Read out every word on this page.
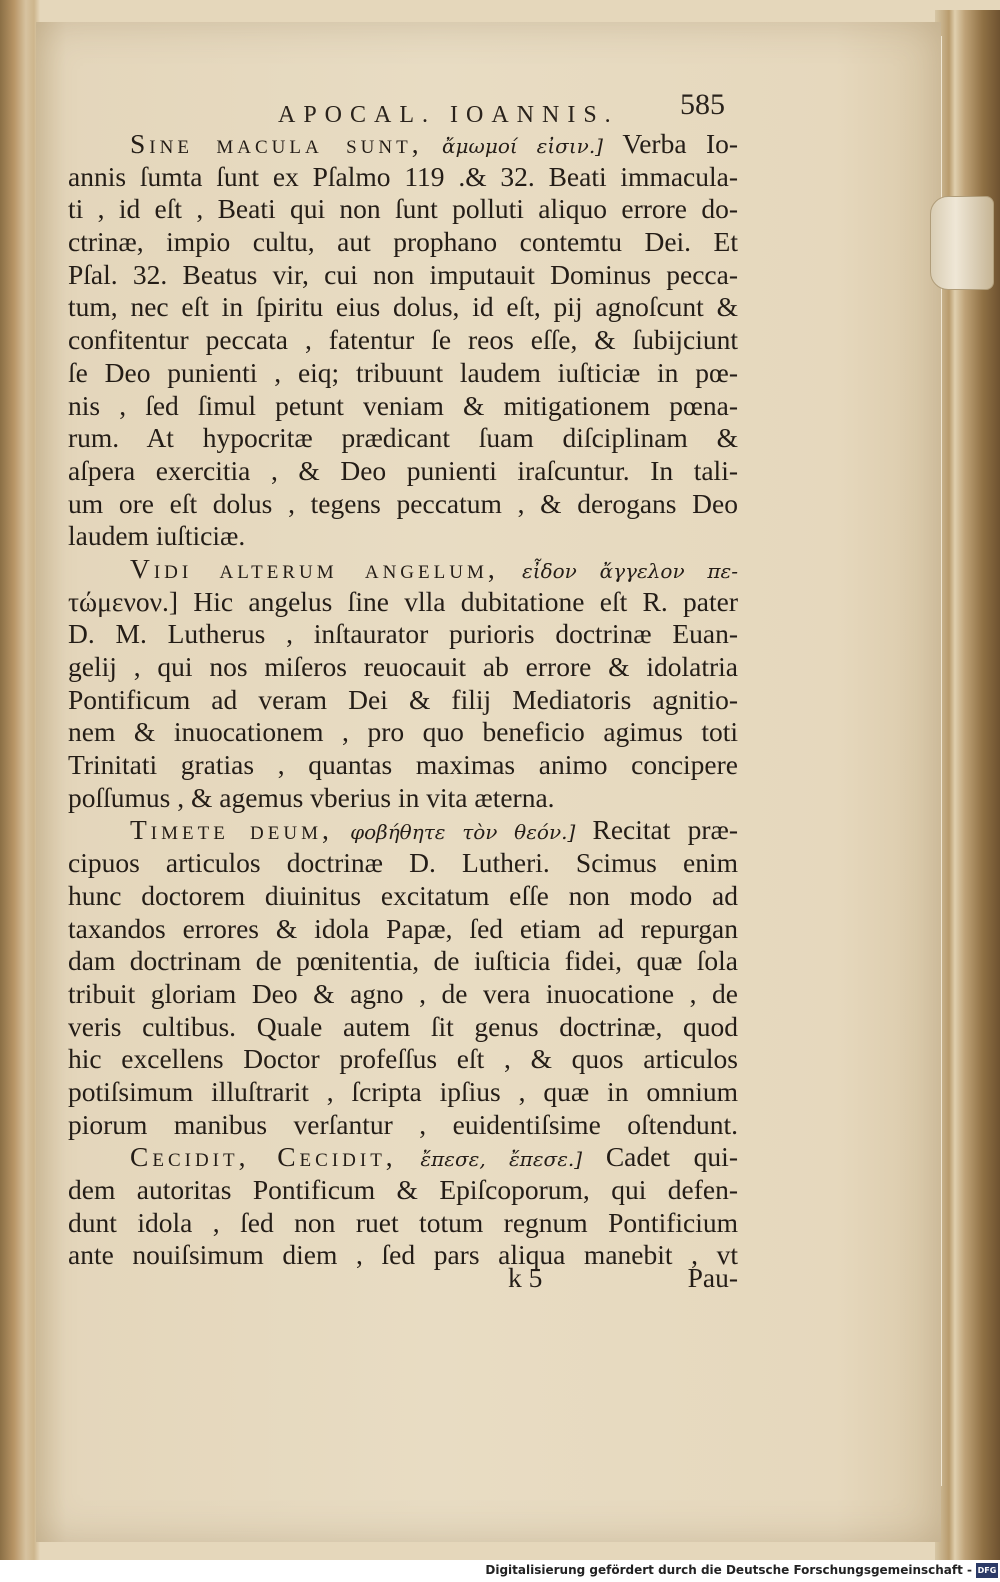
APOCAL. IOANNIS. 585
Sine macula sunt, ἄμωμοί εἰσιν.] Verba Io-
annis ſumta ſunt ex Pſalmo 119 .& 32. Beati immacula-
ti , id eſt , Beati qui non ſunt polluti aliquo errore do-
ctrinæ, impio cultu, aut prophano contemtu Dei. Et
Pſal. 32. Beatus vir, cui non imputauit Dominus pecca-
tum, nec eſt in ſpiritu eius dolus, id eſt, pij agnoſcunt &
confitentur peccata , fatentur ſe reos eſſe, & ſubijciunt
ſe Deo punienti , eiq; tribuunt laudem iuſticiæ in pœ-
nis , ſed ſimul petunt veniam & mitigationem pœna-
rum. At hypocritæ prædicant ſuam diſciplinam &
aſpera exercitia , & Deo punienti iraſcuntur. In tali-
um ore eſt dolus , tegens peccatum , & derogans Deo
laudem iuſticiæ.
Vidi alterum angelum, εἶδον ἄγγελον πε-
τώμενον.] Hic angelus ſine vlla dubitatione eſt R. pater
D. M. Lutherus , inſtaurator purioris doctrinæ Euan-
gelij , qui nos miſeros reuocauit ab errore & idolatria
Pontificum ad veram Dei & filij Mediatoris agnitio-
nem & inuocationem , pro quo beneficio agimus toti
Trinitati gratias , quantas maximas animo concipere
poſſumus , & agemus vberius in vita æterna.
Timete deum, φοβήθητε τὸν θεόν.] Recitat præ-
cipuos articulos doctrinæ D. Lutheri. Scimus enim
hunc doctorem diuinitus excitatum eſſe non modo ad
taxandos errores & idola Papæ, ſed etiam ad repurgan
dam doctrinam de pœnitentia, de iuſticia fidei, quæ ſola
tribuit gloriam Deo & agno , de vera inuocatione , de
veris cultibus. Quale autem ſit genus doctrinæ, quod
hic excellens Doctor profeſſus eſt , & quos articulos
potiſsimum illuſtrarit , ſcripta ipſius , quæ in omnium
piorum manibus verſantur , euidentiſsime oſtendunt.
Cecidit, Cecidit, ἔπεσε, ἔπεσε.] Cadet qui-
dem autoritas Pontificum & Epiſcoporum, qui defen-
dunt idola , ſed non ruet totum regnum Pontificium
ante nouiſsimum diem , ſed pars aliqua manebit , vt
k 5	Pau-
Digitalisierung gefördert durch die Deutsche Forschungsgemeinschaft - DFG
